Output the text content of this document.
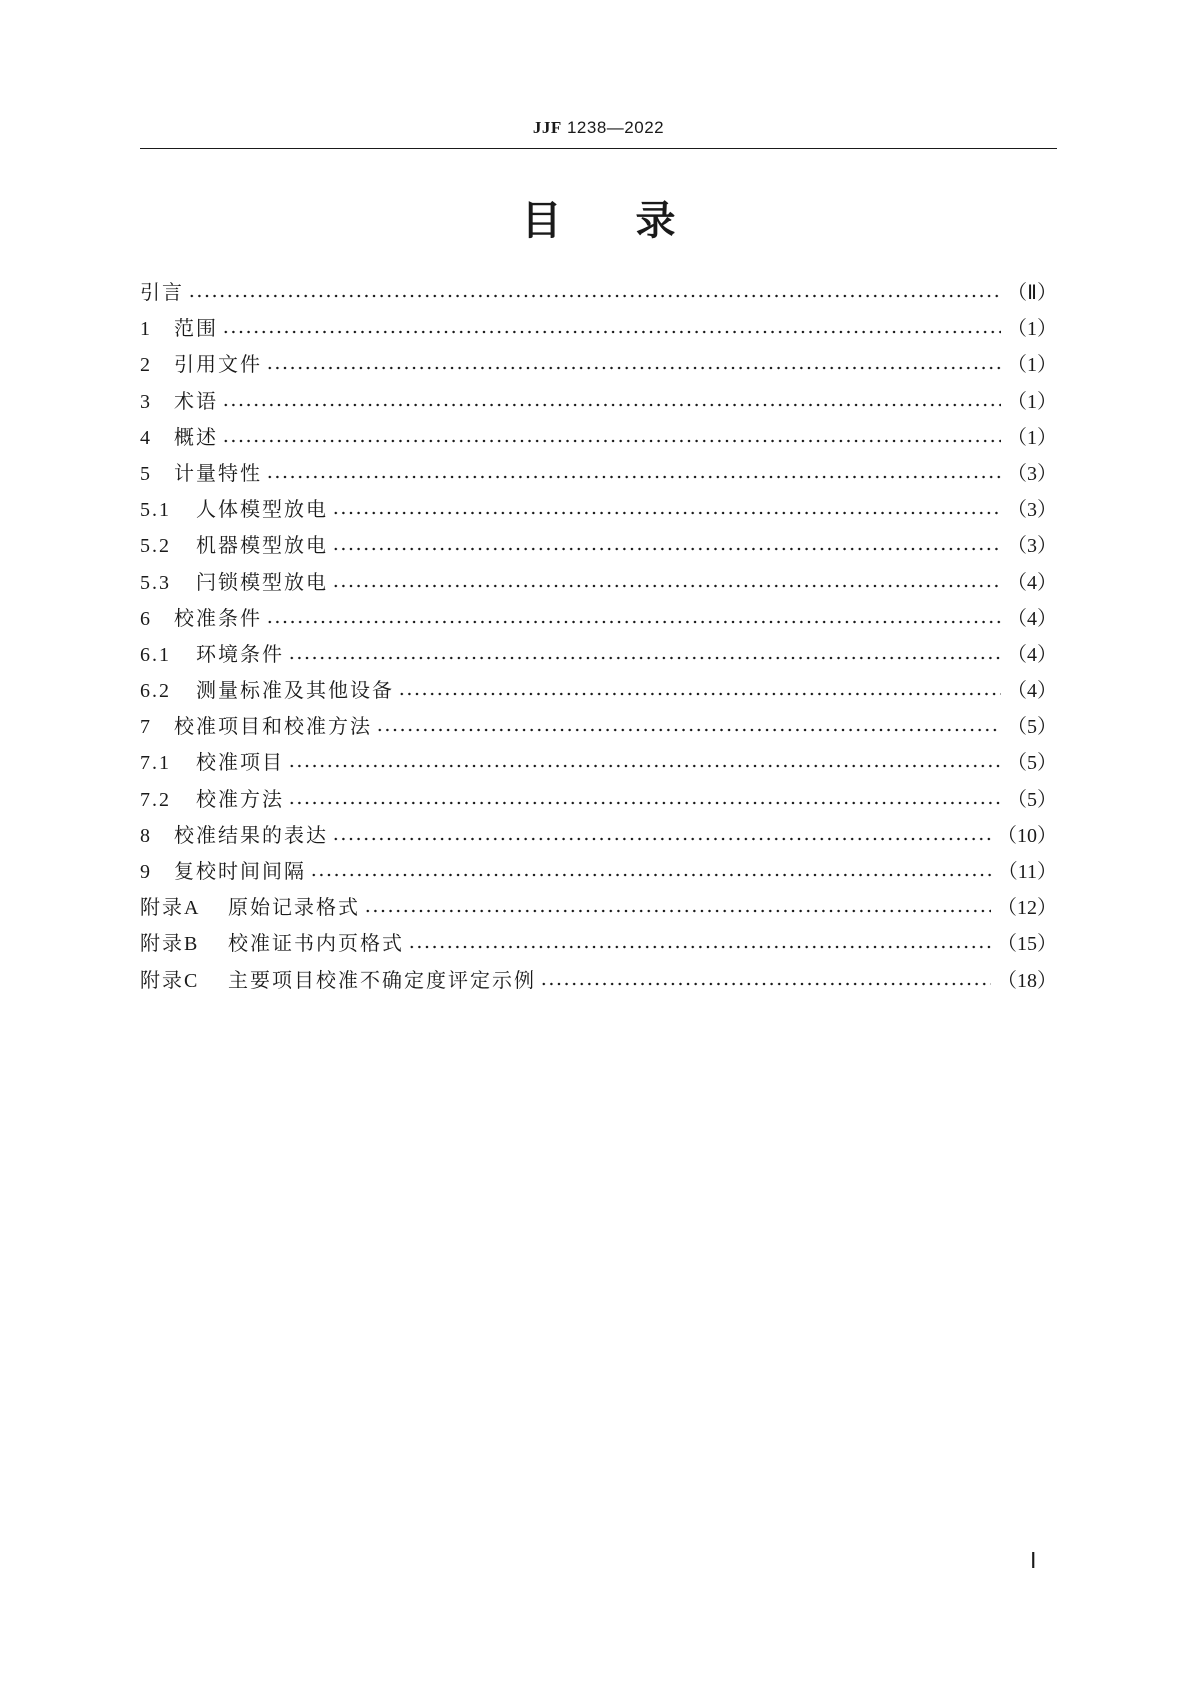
JJF 1238—2022
目录
引言	（Ⅱ）
1	范围	（1）
2	引用文件	（1）
3	术语	（1）
4	概述	（1）
5	计量特性	（3）
5.1	人体模型放电	（3）
5.2	机器模型放电	（3）
5.3	闩锁模型放电	（4）
6	校准条件	（4）
6.1	环境条件	（4）
6.2	测量标准及其他设备	（4）
7	校准项目和校准方法	（5）
7.1	校准项目	（5）
7.2	校准方法	（5）
8	校准结果的表达	（10）
9	复校时间间隔	（11）
附录A	原始记录格式	（12）
附录B	校准证书内页格式	（15）
附录C	主要项目校准不确定度评定示例	（18）
Ⅰ
